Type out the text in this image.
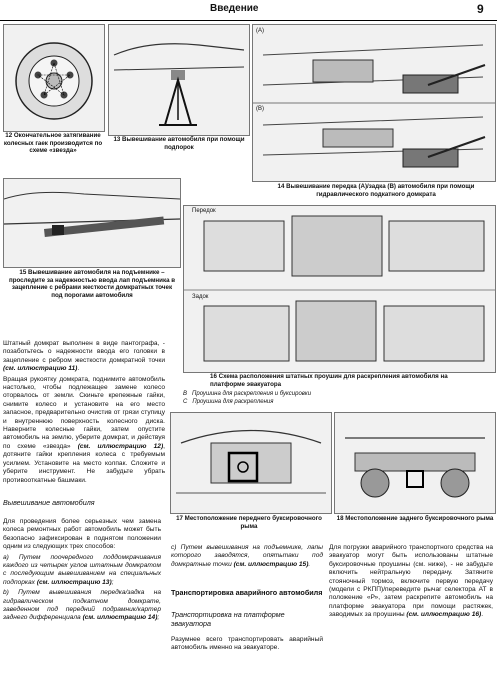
Введение	9
12 Окончательное затягивание колесных гаек производится по схеме «звезда»
13 Вывешивание автомобиля при помощи подпорок
(A)
(B)
14 Вывешивание передка (А)/задка (В) автомобиля при помощи гидравлического подкатного домкрата
15 Вывешивание автомобиля на подъемнике – проследите за надежностью ввода лап подъемника в зацепление с ребрами жесткости домкратных точек под порогами автомобиля
Передок
Задок
16 Схема расположения штатных проушин для раскрепления автомобиля на платформе эвакуатора
B Проушина для раскрепления и буксировки
C Проушина для раскрепления
17 Местоположение переднего буксировочного рыма
18 Местоположение заднего буксировочного рыма

Штатный домкрат выполнен в виде пантографа, - позаботьтесь о надежности ввода его головки в зацепление с ребром жесткости домкратной точки (см. иллюстрацию 11).

Вращая рукоятку домкрата, поднимите автомобиль настолько, чтобы подлежащее замене колесо оторвалось от земли. Скиньте крепежные гайки, снимите колесо и установите на его место запасное, предварительно очистив от грязи ступицу и внутреннюю поверхность колесного диска. Наверните колесные гайки, затем опустите автомобиль на землю, уберите домкрат, и действуя по схеме «звезда» (см. иллюстрацию 12), дотяните гайки крепления колеса с требуемым усилием. Установите на место колпак. Сложите и уберите инструмент. Не забудьте убрать противооткатные башмаки.

Вывешивание автомобиля

Для проведения более серьезных чем замена колеса ремонтных работ автомобиль может быть безопасно зафиксирован в поднятом положении одним из следующих трех способов:

а) Путем поочередного поддомкрачивания каждого из четырех углов штатным домкратом с последующим вывешиванием на специальных подпорках (см. иллюстрацию 13);

b) Путем вывешивания передка/задка на гидравлическом подкатном домкрате, заведенном под передний подрамник/картер заднего дифференциала (см. иллюстрацию 14);

с) Путем вывешивания на подъемнике, лапы которого заводятся, опятьтаки под домкратные точки (см. иллюстрацию 15).
Транспортировка аварийного автомобиля
Транспортировка на платформе эвакуатора
Разумнее всего транспортировать аварийный автомобиль именно на эвакуаторе.

Для погрузки аварийного транспортного средства на эвакуатор могут быть использованы штатные буксировочные проушины (см. ниже), - не забудьте включить нейтральную передачу. Затяните стояночный тормоз, включите первую передачу (модели с РКПП)/переведите рычаг селектора АТ в положение «Р», затем раскрепите автомобиль на платформе эвакуатора при помощи растяжек, заводимых за проушины (см. иллюстрацию 16).
